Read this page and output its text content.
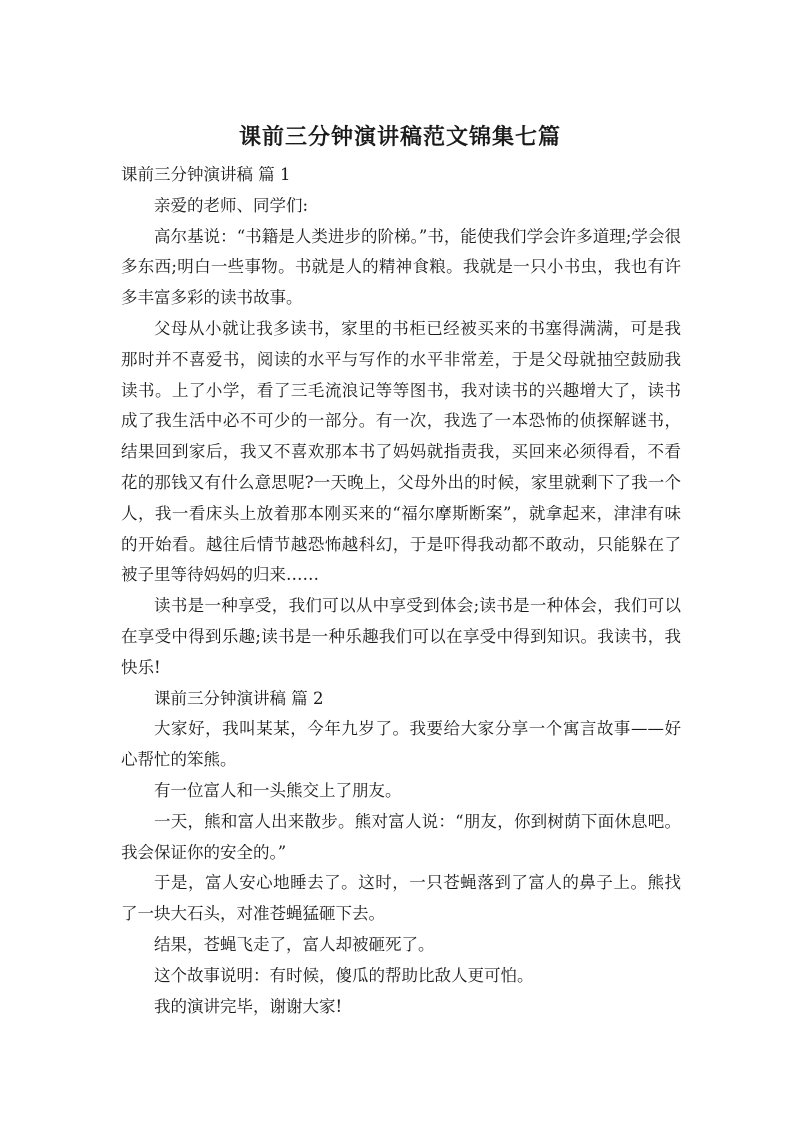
课前三分钟演讲稿范文锦集七篇

课前三分钟演讲稿 篇 1

亲爱的老师、同学们:

高尔基说：“书籍是人类进步的阶梯。”书，能使我们学会许多道理;学会很多东西;明白一些事物。书就是人的精神食粮。我就是一只小书虫，我也有许多丰富多彩的读书故事。

父母从小就让我多读书，家里的书柜已经被买来的书塞得满满，可是我那时并不喜爱书，阅读的水平与写作的水平非常差，于是父母就抽空鼓励我读书。上了小学，看了三毛流浪记等等图书，我对读书的兴趣增大了，读书成了我生活中必不可少的一部分。有一次，我选了一本恐怖的侦探解谜书，结果回到家后，我又不喜欢那本书了妈妈就指责我，买回来必须得看，不看花的那钱又有什么意思呢?一天晚上，父母外出的时候，家里就剩下了我一个人，我一看床头上放着那本刚买来的“福尔摩斯断案”，就拿起来，津津有味的开始看。越往后情节越恐怖越科幻，于是吓得我动都不敢动，只能躲在了被子里等待妈妈的归来……

读书是一种享受，我们可以从中享受到体会;读书是一种体会，我们可以在享受中得到乐趣;读书是一种乐趣我们可以在享受中得到知识。我读书，我快乐!

课前三分钟演讲稿 篇 2

大家好，我叫某某，今年九岁了。我要给大家分享一个寓言故事——好心帮忙的笨熊。

有一位富人和一头熊交上了朋友。

一天，熊和富人出来散步。熊对富人说：“朋友，你到树荫下面休息吧。我会保证你的安全的。”

于是，富人安心地睡去了。这时，一只苍蝇落到了富人的鼻子上。熊找了一块大石头，对准苍蝇猛砸下去。

结果，苍蝇飞走了，富人却被砸死了。

这个故事说明：有时候，傻瓜的帮助比敌人更可怕。

我的演讲完毕，谢谢大家!
